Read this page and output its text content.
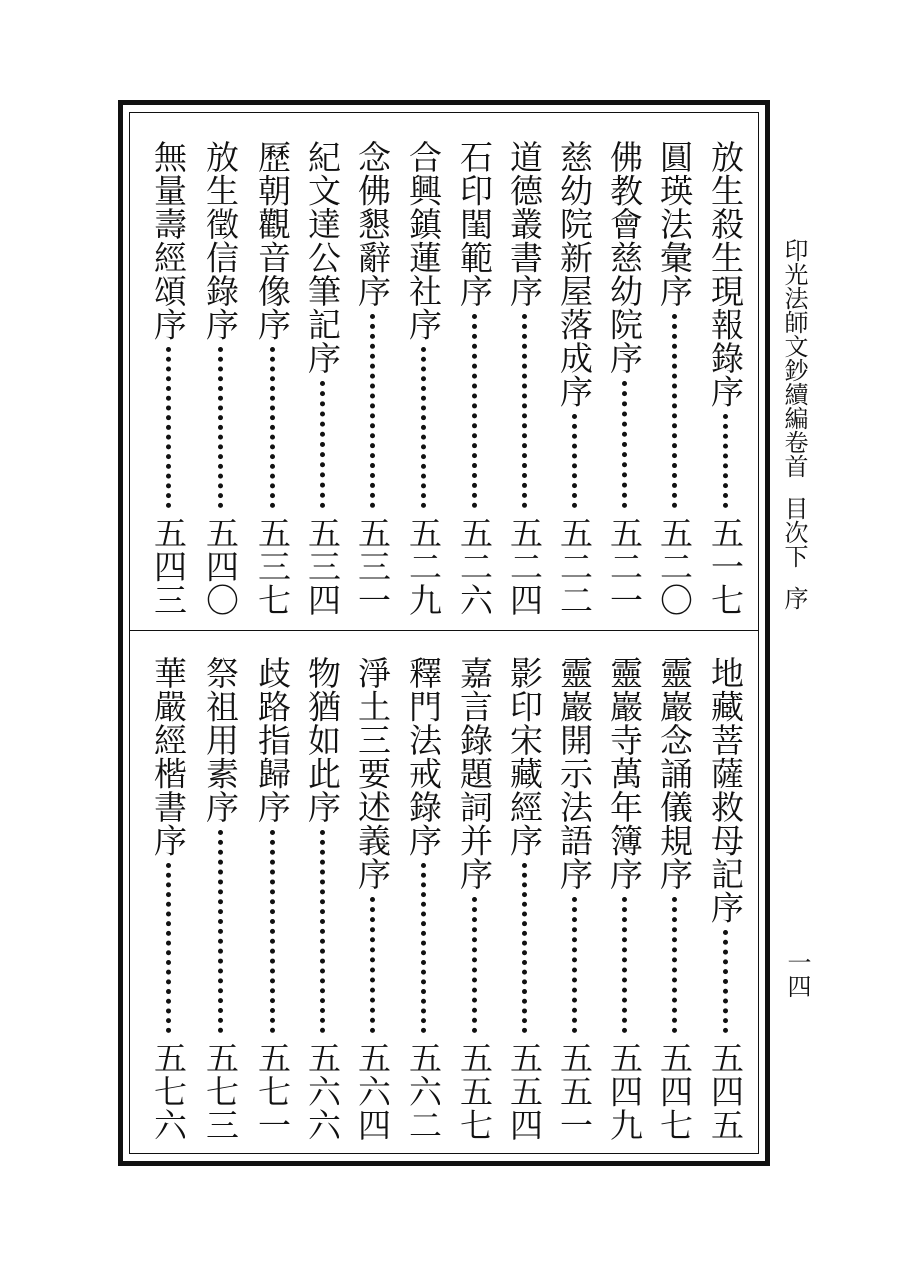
印光法師文鈔續編卷首
目次下
序
一四
放生殺生現報錄序
五一七
圓瑛法彙序
五二〇
佛教會慈幼院序
五二一
慈幼院新屋落成序
五二二
道德叢書序
五二四
石印閨範序
五二六
合興鎮蓮社序
五二九
念佛懇辭序
五三一
紀文達公筆記序
五三四
歷朝觀音像序
五三七
放生徵信錄序
五四〇
無量壽經頌序
五四三
地藏菩薩救母記序
五四五
靈巖念誦儀規序
五四七
靈巖寺萬年簿序
五四九
靈巖開示法語序
五五一
影印宋藏經序
五五四
嘉言錄題詞并序
五五七
釋門法戒錄序
五六二
淨土三要述義序
五六四
物猶如此序
五六六
歧路指歸序
五七一
祭祖用素序
五七三
華嚴經楷書序
五七六
